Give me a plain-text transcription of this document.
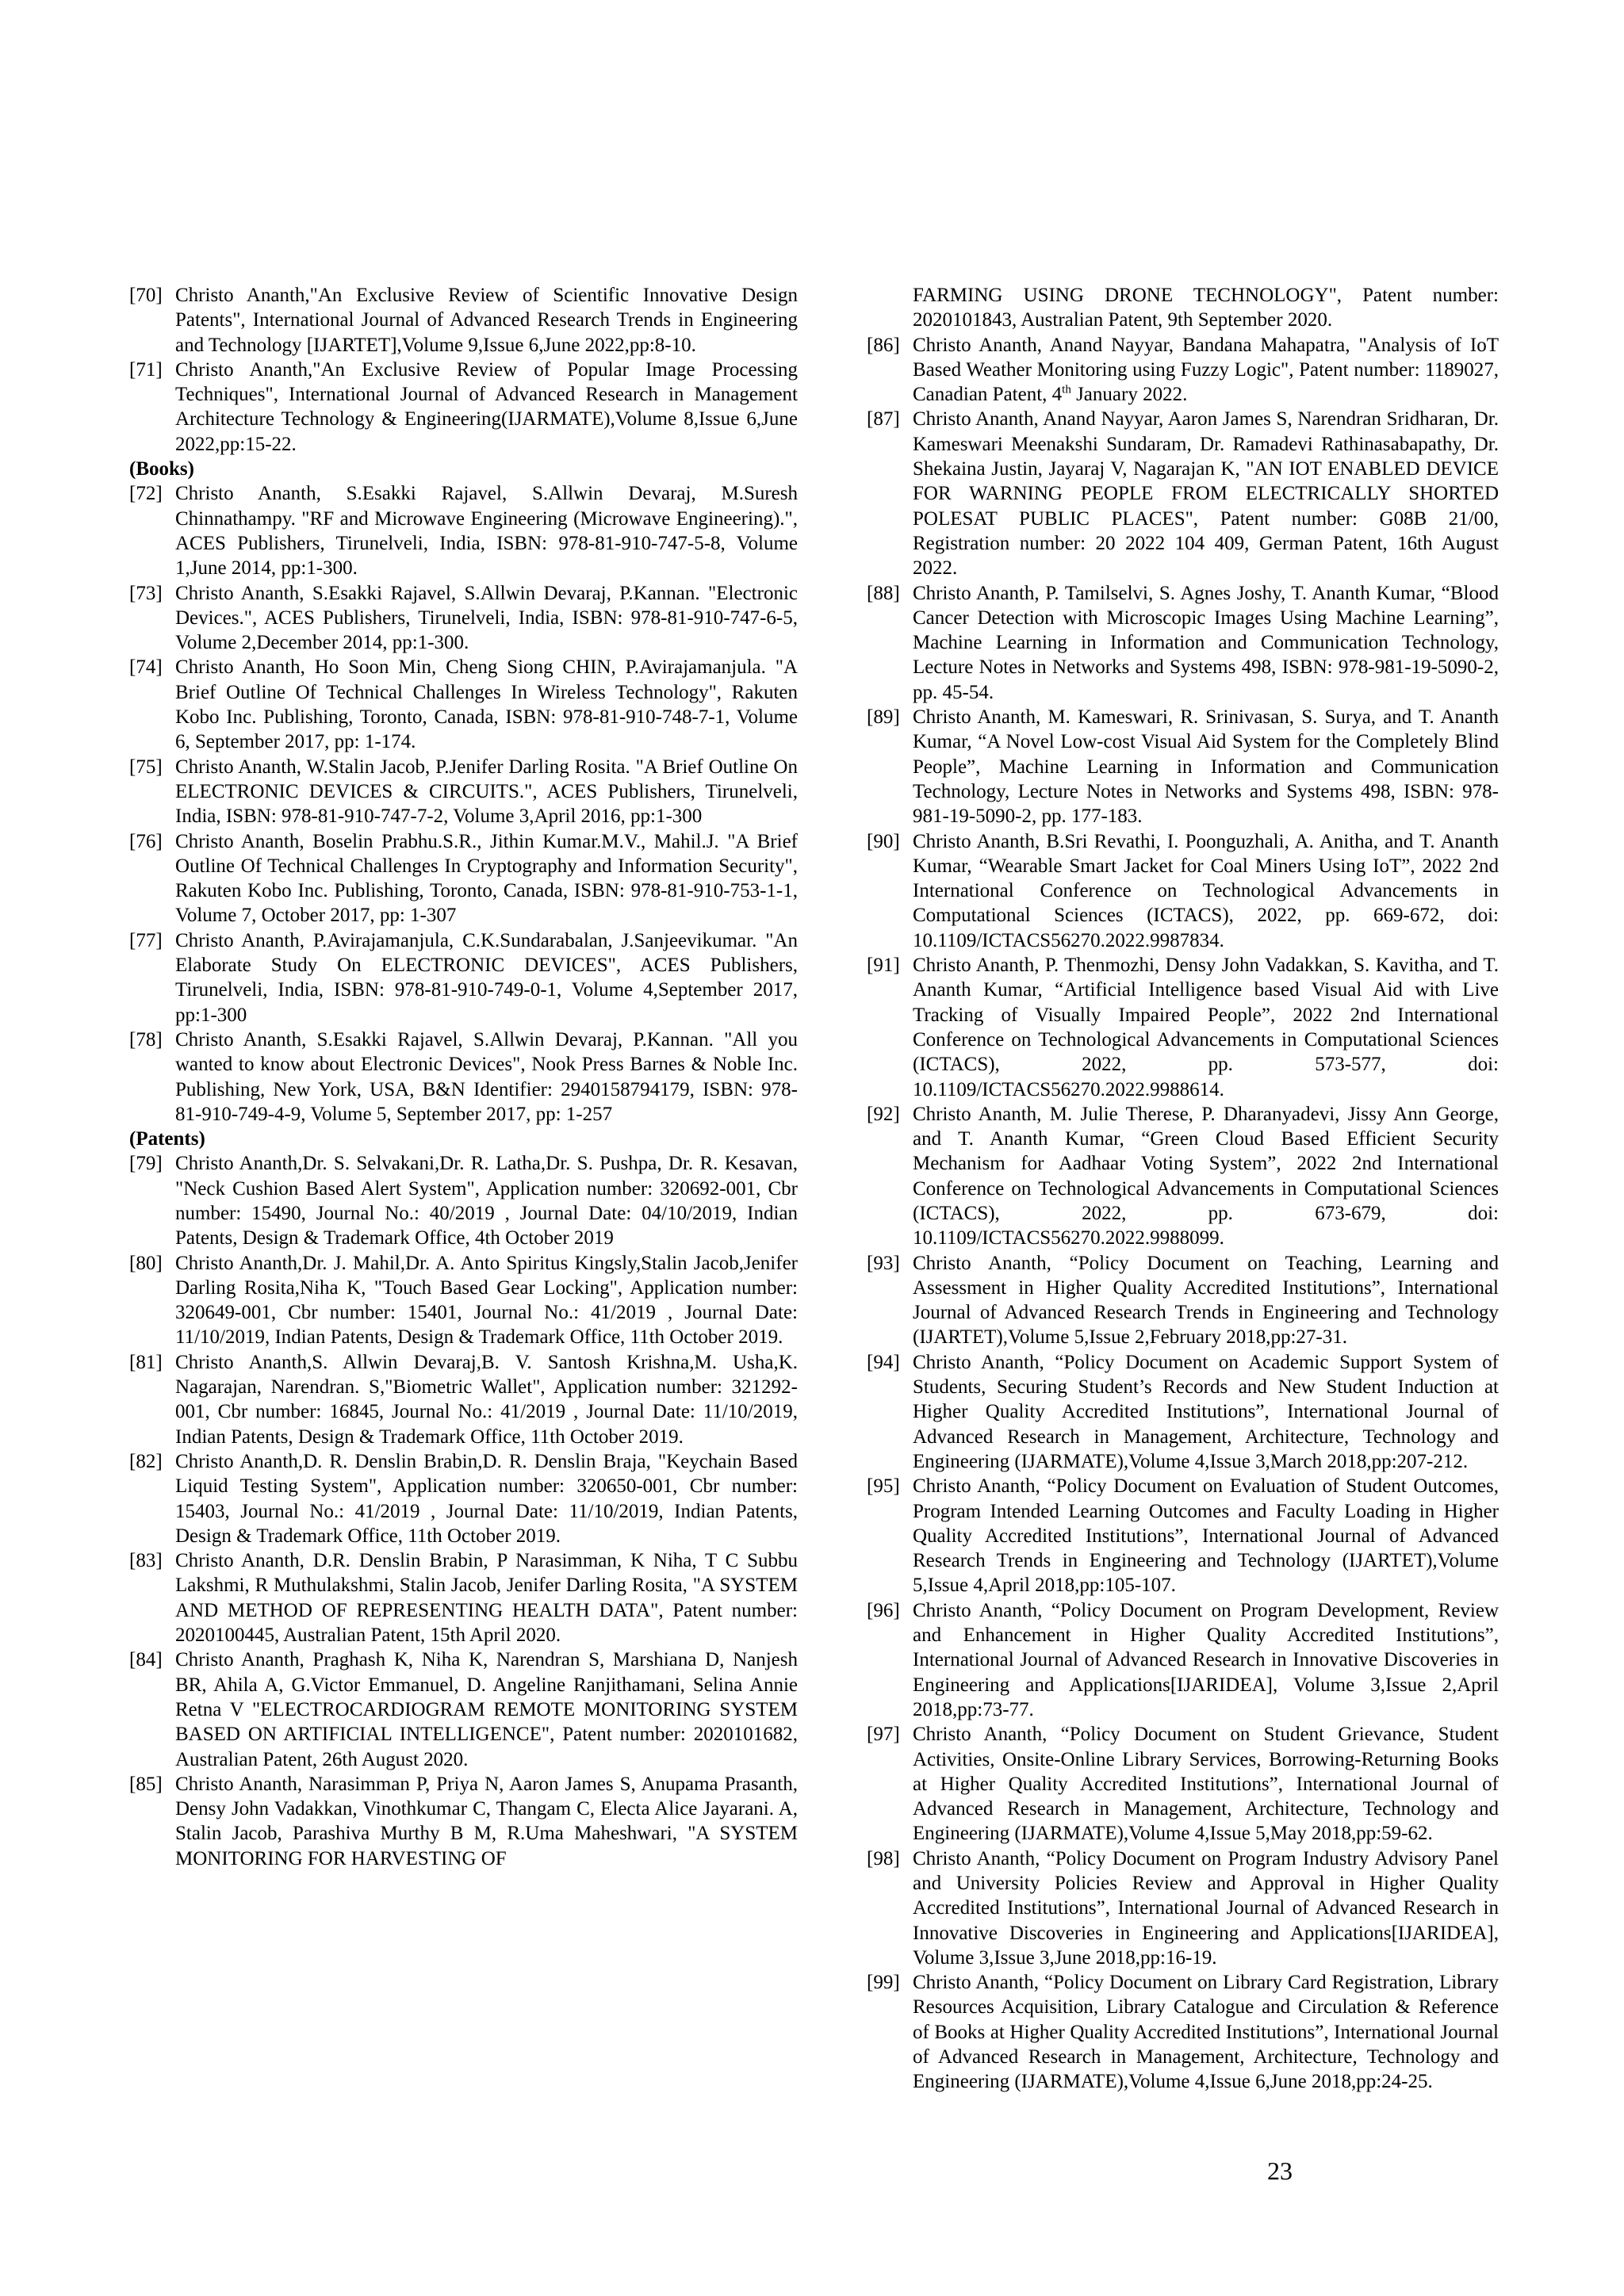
[70] Christo Ananth,"An Exclusive Review of Scientific Innovative Design Patents", International Journal of Advanced Research Trends in Engineering and Technology [IJARTET],Volume 9,Issue 6,June 2022,pp:8-10.
[71] Christo Ananth,"An Exclusive Review of Popular Image Processing Techniques", International Journal of Advanced Research in Management Architecture Technology & Engineering(IJARMATE),Volume 8,Issue 6,June 2022,pp:15-22.
(Books)
[72] Christo Ananth, S.Esakki Rajavel, S.Allwin Devaraj, M.Suresh Chinnathampy. "RF and Microwave Engineering (Microwave Engineering).", ACES Publishers, Tirunelveli, India, ISBN: 978-81-910-747-5-8, Volume 1,June 2014, pp:1-300.
[73] Christo Ananth, S.Esakki Rajavel, S.Allwin Devaraj, P.Kannan. "Electronic Devices.", ACES Publishers, Tirunelveli, India, ISBN: 978-81-910-747-6-5, Volume 2,December 2014, pp:1-300.
[74] Christo Ananth, Ho Soon Min, Cheng Siong CHIN, P.Avirajamanjula. "A Brief Outline Of Technical Challenges In Wireless Technology", Rakuten Kobo Inc. Publishing, Toronto, Canada, ISBN: 978-81-910-748-7-1, Volume 6, September 2017, pp: 1-174.
[75] Christo Ananth, W.Stalin Jacob, P.Jenifer Darling Rosita. "A Brief Outline On ELECTRONIC DEVICES & CIRCUITS.", ACES Publishers, Tirunelveli, India, ISBN: 978-81-910-747-7-2, Volume 3,April 2016, pp:1-300
[76] Christo Ananth, Boselin Prabhu.S.R., Jithin Kumar.M.V., Mahil.J. "A Brief Outline Of Technical Challenges In Cryptography and Information Security", Rakuten Kobo Inc. Publishing, Toronto, Canada, ISBN: 978-81-910-753-1-1, Volume 7, October 2017, pp: 1-307
[77] Christo Ananth, P.Avirajamanjula, C.K.Sundarabalan, J.Sanjeevikumar. "An Elaborate Study On ELECTRONIC DEVICES", ACES Publishers, Tirunelveli, India, ISBN: 978-81-910-749-0-1, Volume 4,September 2017, pp:1-300
[78] Christo Ananth, S.Esakki Rajavel, S.Allwin Devaraj, P.Kannan. "All you wanted to know about Electronic Devices", Nook Press Barnes & Noble Inc. Publishing, New York, USA, B&N Identifier: 2940158794179, ISBN: 978-81-910-749-4-9, Volume 5, September 2017, pp: 1-257
(Patents)
[79] Christo Ananth,Dr. S. Selvakani,Dr. R. Latha,Dr. S. Pushpa, Dr. R. Kesavan, "Neck Cushion Based Alert System", Application number: 320692-001, Cbr number: 15490, Journal No.: 40/2019 , Journal Date: 04/10/2019, Indian Patents, Design & Trademark Office, 4th October 2019
[80] Christo Ananth,Dr. J. Mahil,Dr. A. Anto Spiritus Kingsly,Stalin Jacob,Jenifer Darling Rosita,Niha K, "Touch Based Gear Locking", Application number: 320649-001, Cbr number: 15401, Journal No.: 41/2019 , Journal Date: 11/10/2019, Indian Patents, Design & Trademark Office, 11th October 2019.
[81] Christo Ananth,S. Allwin Devaraj,B. V. Santosh Krishna,M. Usha,K. Nagarajan, Narendran. S,"Biometric Wallet", Application number: 321292-001, Cbr number: 16845, Journal No.: 41/2019 , Journal Date: 11/10/2019, Indian Patents, Design & Trademark Office, 11th October 2019.
[82] Christo Ananth,D. R. Denslin Brabin,D. R. Denslin Braja, "Keychain Based Liquid Testing System", Application number: 320650-001, Cbr number: 15403, Journal No.: 41/2019 , Journal Date: 11/10/2019, Indian Patents, Design & Trademark Office, 11th October 2019.
[83] Christo Ananth, D.R. Denslin Brabin, P Narasimman, K Niha, T C Subbu Lakshmi, R Muthulakshmi, Stalin Jacob, Jenifer Darling Rosita, "A SYSTEM AND METHOD OF REPRESENTING HEALTH DATA", Patent number: 2020100445, Australian Patent, 15th April 2020.
[84] Christo Ananth, Praghash K, Niha K, Narendran S, Marshiana D, Nanjesh BR, Ahila A, G.Victor Emmanuel, D. Angeline Ranjithamani, Selina Annie Retna V "ELECTROCARDIOGRAM REMOTE MONITORING SYSTEM BASED ON ARTIFICIAL INTELLIGENCE", Patent number: 2020101682, Australian Patent, 26th August 2020.
[85] Christo Ananth, Narasimman P, Priya N, Aaron James S, Anupama Prasanth, Densy John Vadakkan, Vinothkumar C, Thangam C, Electa Alice Jayarani. A, Stalin Jacob, Parashiva Murthy B M, R.Uma Maheshwari, "A SYSTEM MONITORING FOR HARVESTING OF
FARMING USING DRONE TECHNOLOGY", Patent number: 2020101843, Australian Patent, 9th September 2020.
[86] Christo Ananth, Anand Nayyar, Bandana Mahapatra, "Analysis of IoT Based Weather Monitoring using Fuzzy Logic", Patent number: 1189027, Canadian Patent, 4th January 2022.
[87] Christo Ananth, Anand Nayyar, Aaron James S, Narendran Sridharan, Dr. Kameswari Meenakshi Sundaram, Dr. Ramadevi Rathinasabapathy, Dr. Shekaina Justin, Jayaraj V, Nagarajan K, "AN IOT ENABLED DEVICE FOR WARNING PEOPLE FROM ELECTRICALLY SHORTED POLESAT PUBLIC PLACES", Patent number: G08B 21/00, Registration number: 20 2022 104 409, German Patent, 16th August 2022.
[88] Christo Ananth, P. Tamilselvi, S. Agnes Joshy, T. Ananth Kumar, “Blood Cancer Detection with Microscopic Images Using Machine Learning”, Machine Learning in Information and Communication Technology, Lecture Notes in Networks and Systems 498, ISBN: 978-981-19-5090-2, pp. 45-54.
[89] Christo Ananth, M. Kameswari, R. Srinivasan, S. Surya, and T. Ananth Kumar, “A Novel Low-cost Visual Aid System for the Completely Blind People”, Machine Learning in Information and Communication Technology, Lecture Notes in Networks and Systems 498, ISBN: 978-981-19-5090-2, pp. 177-183.
[90] Christo Ananth, B.Sri Revathi, I. Poonguzhali, A. Anitha, and T. Ananth Kumar, “Wearable Smart Jacket for Coal Miners Using IoT”, 2022 2nd International Conference on Technological Advancements in Computational Sciences (ICTACS), 2022, pp. 669-672, doi: 10.1109/ICTACS56270.2022.9987834.
[91] Christo Ananth, P. Thenmozhi, Densy John Vadakkan, S. Kavitha, and T. Ananth Kumar, “Artificial Intelligence based Visual Aid with Live Tracking of Visually Impaired People”, 2022 2nd International Conference on Technological Advancements in Computational Sciences (ICTACS), 2022, pp. 573-577, doi: 10.1109/ICTACS56270.2022.9988614.
[92] Christo Ananth, M. Julie Therese, P. Dharanyadevi, Jissy Ann George, and T. Ananth Kumar, “Green Cloud Based Efficient Security Mechanism for Aadhaar Voting System”, 2022 2nd International Conference on Technological Advancements in Computational Sciences (ICTACS), 2022, pp. 673-679, doi: 10.1109/ICTACS56270.2022.9988099.
[93] Christo Ananth, “Policy Document on Teaching, Learning and Assessment in Higher Quality Accredited Institutions”, International Journal of Advanced Research Trends in Engineering and Technology (IJARTET),Volume 5,Issue 2,February 2018,pp:27-31.
[94] Christo Ananth, “Policy Document on Academic Support System of Students, Securing Student’s Records and New Student Induction at Higher Quality Accredited Institutions”, International Journal of Advanced Research in Management, Architecture, Technology and Engineering (IJARMATE),Volume 4,Issue 3,March 2018,pp:207-212.
[95] Christo Ananth, “Policy Document on Evaluation of Student Outcomes, Program Intended Learning Outcomes and Faculty Loading in Higher Quality Accredited Institutions”, International Journal of Advanced Research Trends in Engineering and Technology (IJARTET),Volume 5,Issue 4,April 2018,pp:105-107.
[96] Christo Ananth, “Policy Document on Program Development, Review and Enhancement in Higher Quality Accredited Institutions”, International Journal of Advanced Research in Innovative Discoveries in Engineering and Applications[IJARIDEA], Volume 3,Issue 2,April 2018,pp:73-77.
[97] Christo Ananth, “Policy Document on Student Grievance, Student Activities, Onsite-Online Library Services, Borrowing-Returning Books at Higher Quality Accredited Institutions”, International Journal of Advanced Research in Management, Architecture, Technology and Engineering (IJARMATE),Volume 4,Issue 5,May 2018,pp:59-62.
[98] Christo Ananth, “Policy Document on Program Industry Advisory Panel and University Policies Review and Approval in Higher Quality Accredited Institutions”, International Journal of Advanced Research in Innovative Discoveries in Engineering and Applications[IJARIDEA], Volume 3,Issue 3,June 2018,pp:16-19.
[99] Christo Ananth, “Policy Document on Library Card Registration, Library Resources Acquisition, Library Catalogue and Circulation & Reference of Books at Higher Quality Accredited Institutions”, International Journal of Advanced Research in Management, Architecture, Technology and Engineering (IJARMATE),Volume 4,Issue 6,June 2018,pp:24-25.
23
